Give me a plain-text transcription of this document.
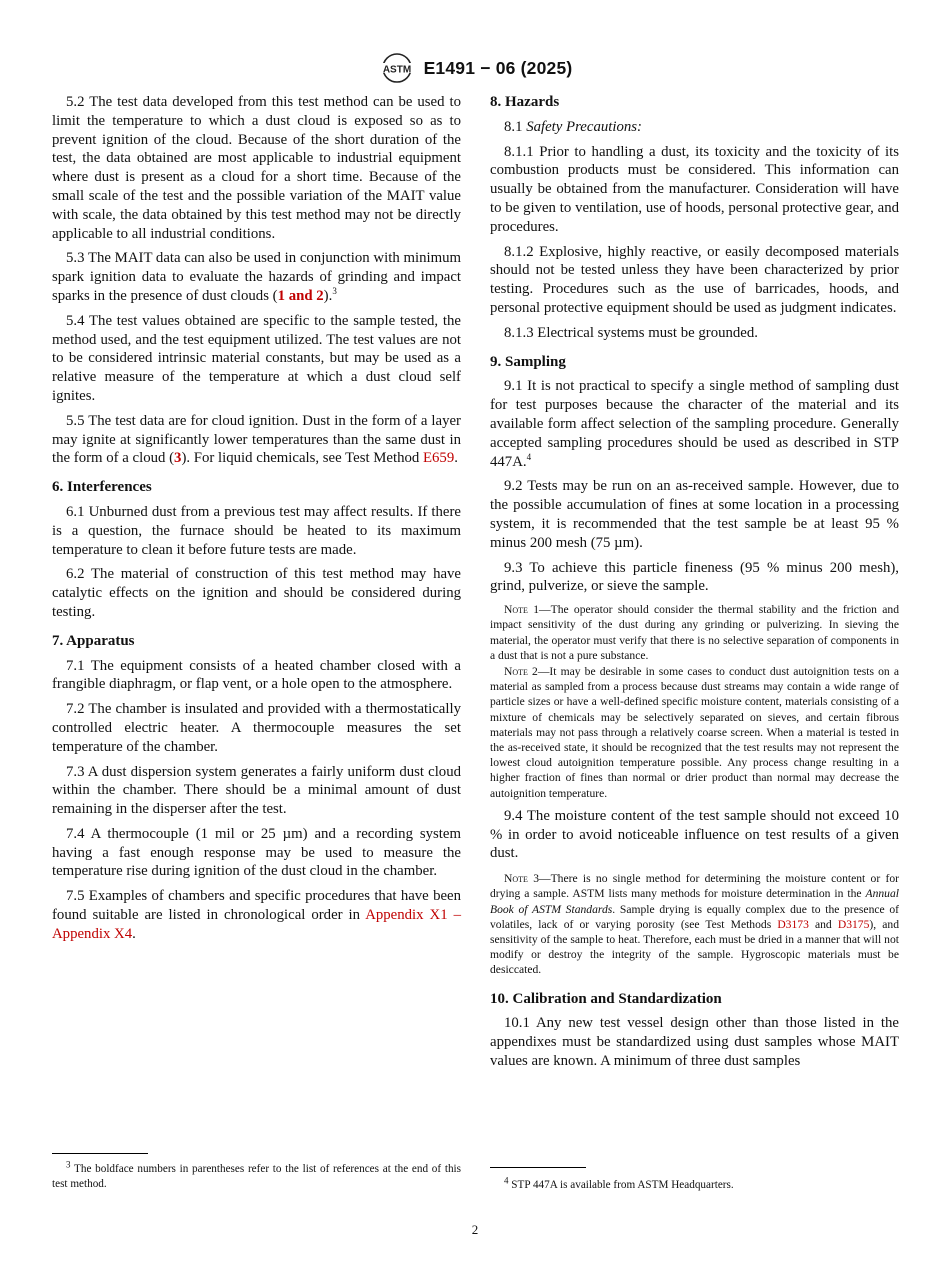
ASTM E1491 − 06 (2025)

5.2 The test data developed from this test method can be used to limit the temperature to which a dust cloud is exposed so as to prevent ignition of the cloud. Because of the short duration of the test, the data obtained are most applicable to industrial equipment where dust is present as a cloud for a short time. Because of the small scale of the test and the possible variation of the MAIT value with scale, the data obtained by this test method may not be directly applicable to all industrial conditions.

5.3 The MAIT data can also be used in conjunction with minimum spark ignition data to evaluate the hazards of grinding and impact sparks in the presence of dust clouds (1 and 2).$^3$

5.4 The test values obtained are specific to the sample tested, the method used, and the test equipment utilized. The test values are not to be considered intrinsic material constants, but may be used as a relative measure of the temperature at which a dust cloud self ignites.

5.5 The test data are for cloud ignition. Dust in the form of a layer may ignite at significantly lower temperatures than the same dust in the form of a cloud (3). For liquid chemicals, see Test Method E659.

6. Interferences

6.1 Unburned dust from a previous test may affect results. If there is a question, the furnace should be heated to its maximum temperature to clean it before future tests are made.

6.2 The material of construction of this test method may have catalytic effects on the ignition and should be considered during testing.

7. Apparatus

7.1 The equipment consists of a heated chamber closed with a frangible diaphragm, or flap vent, or a hole open to the atmosphere.

7.2 The chamber is insulated and provided with a thermostatically controlled electric heater. A thermocouple measures the set temperature of the chamber.

7.3 A dust dispersion system generates a fairly uniform dust cloud within the chamber. There should be a minimal amount of dust remaining in the disperser after the test.

7.4 A thermocouple (1 mil or 25 µm) and a recording system having a fast enough response may be used to measure the temperature rise during ignition of the dust cloud in the chamber.

7.5 Examples of chambers and specific procedures that have been found suitable are listed in chronological order in Appendix X1 – Appendix X4.

8. Hazards

8.1 Safety Precautions:

8.1.1 Prior to handling a dust, its toxicity and the toxicity of its combustion products must be considered. This information can usually be obtained from the manufacturer. Consideration will have to be given to ventilation, use of hoods, personal protective gear, and procedures.

8.1.2 Explosive, highly reactive, or easily decomposed materials should not be tested unless they have been characterized by prior testing. Procedures such as the use of barricades, hoods, and personal protective equipment should be used as judgment indicates.

8.1.3 Electrical systems must be grounded.

9. Sampling

9.1 It is not practical to specify a single method of sampling dust for test purposes because the character of the material and its available form affect selection of the sampling procedure. Generally accepted sampling procedures should be used as described in STP 447A.$^4$

9.2 Tests may be run on an as-received sample. However, due to the possible accumulation of fines at some location in a processing system, it is recommended that the test sample be at least 95 % minus 200 mesh (75 µm).

9.3 To achieve this particle fineness (95 % minus 200 mesh), grind, pulverize, or sieve the sample.

Note 1—The operator should consider the thermal stability and the friction and impact sensitivity of the dust during any grinding or pulverizing. In sieving the material, the operator must verify that there is no selective separation of components in a dust that is not a pure substance.
Note 2—It may be desirable in some cases to conduct dust autoignition tests on a material as sampled from a process because dust streams may contain a wide range of particle sizes or have a well-defined specific moisture content, materials consisting of a mixture of chemicals may be selectively separated on sieves, and certain fibrous materials may not pass through a relatively coarse screen. When a material is tested in the as-received state, it should be recognized that the test results may not represent the lowest cloud autoignition temperature possible. Any process change resulting in a higher fraction of fines than normal or drier product than normal may decrease the autoignition temperature.

9.4 The moisture content of the test sample should not exceed 10 % in order to avoid noticeable influence on test results of a given dust.

Note 3—There is no single method for determining the moisture content or for drying a sample. ASTM lists many methods for moisture determination in the Annual Book of ASTM Standards. Sample drying is equally complex due to the presence of volatiles, lack of or varying porosity (see Test Methods D3173 and D3175), and sensitivity of the sample to heat. Therefore, each must be dried in a manner that will not modify or destroy the integrity of the sample. Hygroscopic materials must be desiccated.
10. Calibration and Standardization

10.1 Any new test vessel design other than those listed in the appendixes must be standardized using dust samples whose MAIT values are known. A minimum of three dust samples

$^3$ The boldface numbers in parentheses refer to the list of references at the end of this test method.	$^4$ STP 447A is available from ASTM Headquarters.
2
